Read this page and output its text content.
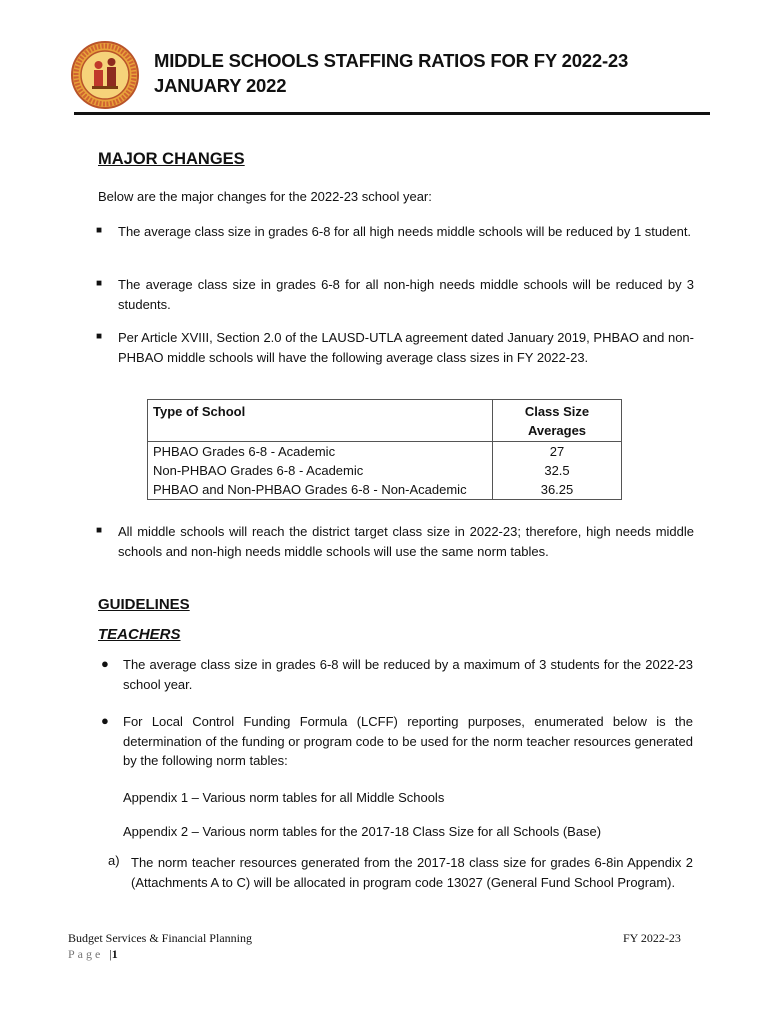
MIDDLE SCHOOLS STAFFING RATIOS FOR FY 2022-23
JANUARY 2022
MAJOR CHANGES
Below are the major changes for the 2022-23 school year:
■ The average class size in grades 6-8 for all high needs middle schools will be reduced by 1 student.
■ The average class size in grades 6-8 for all non-high needs middle schools will be reduced by 3 students.
■ Per Article XVIII, Section 2.0 of the LAUSD-UTLA agreement dated January 2019, PHBAO and non-PHBAO middle schools will have the following average class sizes in FY 2022-23.
Type of School	Class Size
Averages

PHBAO Grades 6-8 - Academic	27
Non-PHBAO Grades 6-8 - Academic	32.5
PHBAO and Non-PHBAO Grades 6-8 - Non-Academic	36.25
■ All middle schools will reach the district target class size in 2022-23; therefore, high needs middle schools and non-high needs middle schools will use the same norm tables.
GUIDELINES
TEACHERS
● The average class size in grades 6-8 will be reduced by a maximum of 3 students for the 2022-23 school year.
● For Local Control Funding Formula (LCFF) reporting purposes, enumerated below is the determination of the funding or program code to be used for the norm teacher resources generated by the following norm tables:
Appendix 1 – Various norm tables for all Middle Schools
Appendix 2 – Various norm tables for the 2017-18 Class Size for all Schools (Base)
a) The norm teacher resources generated from the 2017-18 class size for grades 6-8in Appendix 2 (Attachments A to C) will be allocated in program code 13027 (General Fund School Program).
Budget Services & Financial Planning	FY 2022-23
Page |1
